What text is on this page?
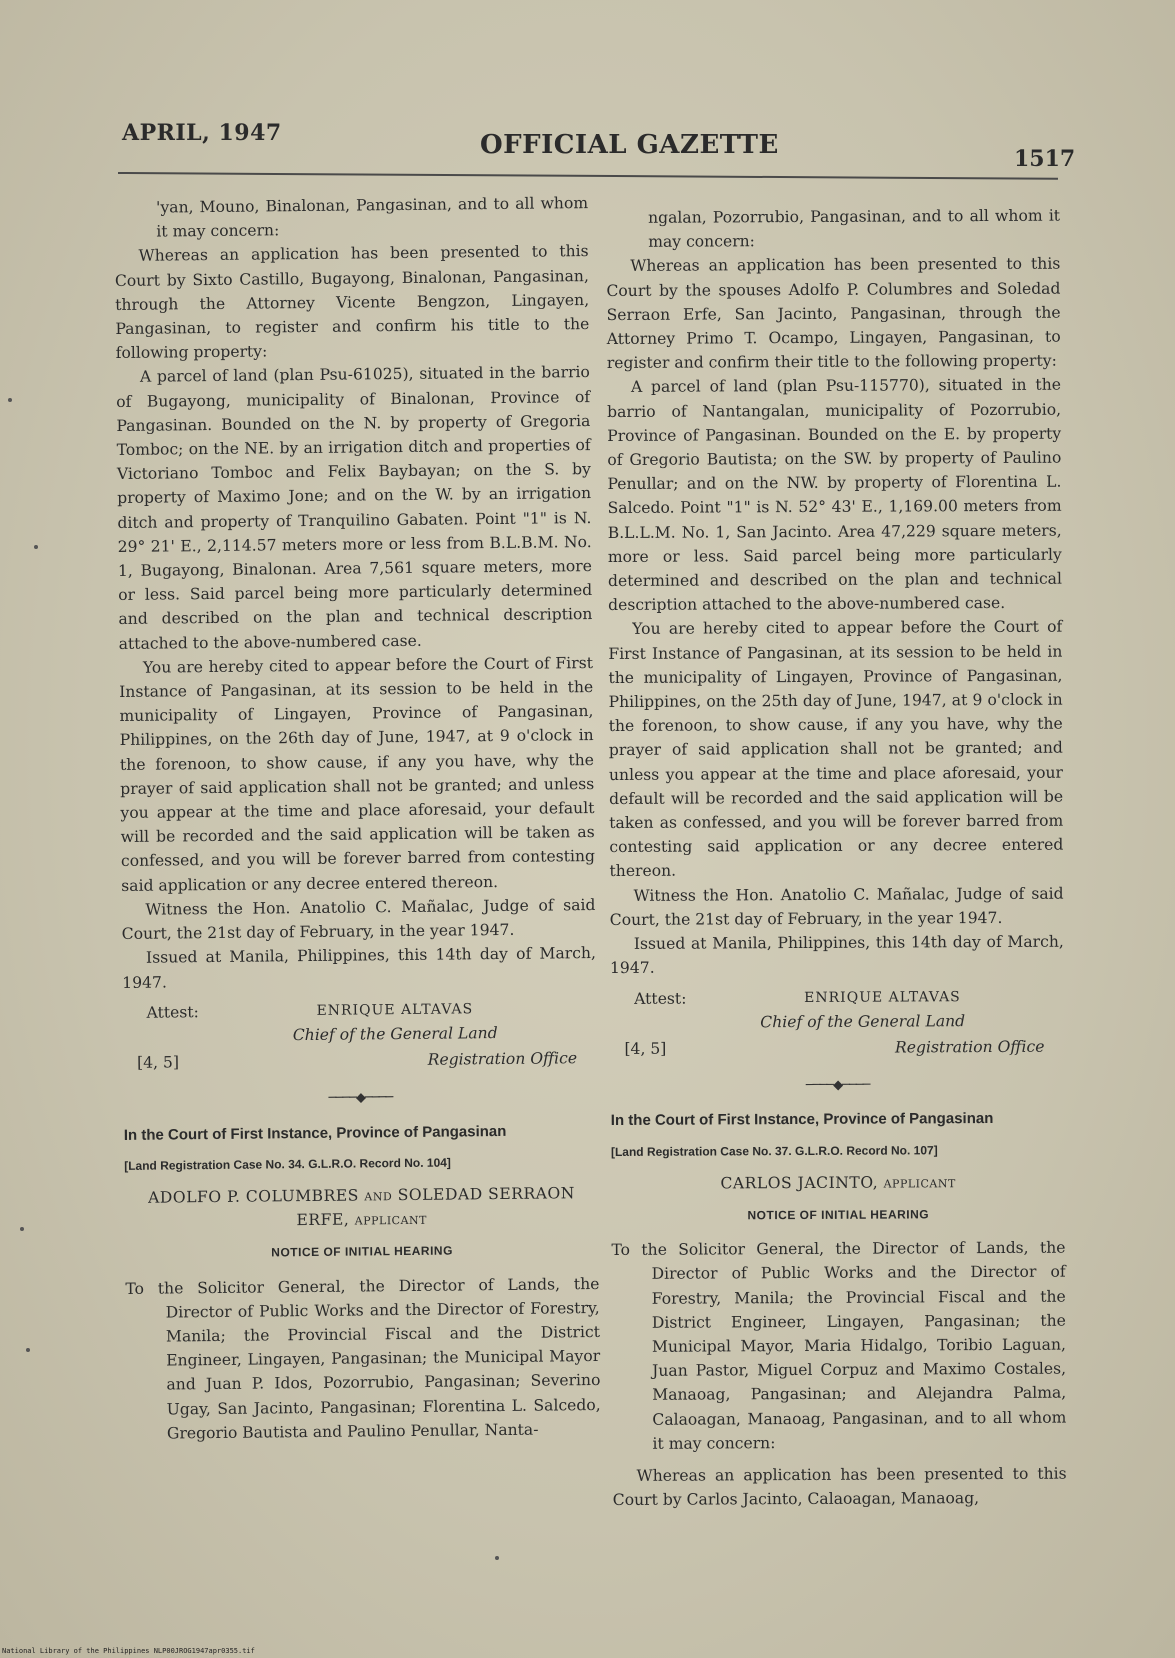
APRIL, 1947	OFFICIAL GAZETTE	1517

'yan, Mouno, Binalonan, Pangasinan, and to all whom it may concern:

Whereas an application has been presented to this Court by Sixto Castillo, Bugayong, Binalonan, Pangasinan, through the Attorney Vicente Bengzon, Lingayen, Pangasinan, to register and confirm his title to the following property:

A parcel of land (plan Psu-61025), situated in the barrio of Bugayong, municipality of Binalonan, Province of Pangasinan. Bounded on the N. by property of Gregoria Tomboc; on the NE. by an irrigation ditch and properties of Victoriano Tomboc and Felix Baybayan; on the S. by property of Maximo Jone; and on the W. by an irrigation ditch and property of Tranquilino Gabaten. Point "1" is N. 29° 21' E., 2,114.57 meters more or less from B.L.B.M. No. 1, Bugayong, Binalonan. Area 7,561 square meters, more or less. Said parcel being more particularly determined and described on the plan and technical description attached to the above-numbered case.

You are hereby cited to appear before the Court of First Instance of Pangasinan, at its session to be held in the municipality of Lingayen, Province of Pangasinan, Philippines, on the 26th day of June, 1947, at 9 o'clock in the forenoon, to show cause, if any you have, why the prayer of said application shall not be granted; and unless you appear at the time and place aforesaid, your default will be recorded and the said application will be taken as confessed, and you will be forever barred from contesting said application or any decree entered thereon.

Witness the Hon. Anatolio C. Mañalac, Judge of said Court, the 21st day of February, in the year 1947.

Issued at Manila, Philippines, this 14th day of March, 1947.

Attest:	ENRIQUE ALTAVAS
Chief of the General Land
[4, 5]	Registration Office
────◆────
In the Court of First Instance, Province of Pangasinan
[Land Registration Case No. 34. G.L.R.O. Record No. 104]
ADOLFO P. COLUMBRES and SOLEDAD SERRAON ERFE, applicant
NOTICE OF INITIAL HEARING

To the Solicitor General, the Director of Lands, the Director of Public Works and the Director of Forestry, Manila; the Provincial Fiscal and the District Engineer, Lingayen, Pangasinan; the Municipal Mayor and Juan P. Idos, Pozorrubio, Pangasinan; Severino Ugay, San Jacinto, Pangasinan; Florentina L. Salcedo, Gregorio Bautista and Paulino Penullar, Nanta-

ngalan, Pozorrubio, Pangasinan, and to all whom it may concern:

Whereas an application has been presented to this Court by the spouses Adolfo P. Columbres and Soledad Serraon Erfe, San Jacinto, Pangasinan, through the Attorney Primo T. Ocampo, Lingayen, Pangasinan, to register and confirm their title to the following property:

A parcel of land (plan Psu-115770), situated in the barrio of Nantangalan, municipality of Pozorrubio, Province of Pangasinan. Bounded on the E. by property of Gregorio Bautista; on the SW. by property of Paulino Penullar; and on the NW. by property of Florentina L. Salcedo. Point "1" is N. 52° 43' E., 1,169.00 meters from B.L.L.M. No. 1, San Jacinto. Area 47,229 square meters, more or less. Said parcel being more particularly determined and described on the plan and technical description attached to the above-numbered case.

You are hereby cited to appear before the Court of First Instance of Pangasinan, at its session to be held in the municipality of Lingayen, Province of Pangasinan, Philippines, on the 25th day of June, 1947, at 9 o'clock in the forenoon, to show cause, if any you have, why the prayer of said application shall not be granted; and unless you appear at the time and place aforesaid, your default will be recorded and the said application will be taken as confessed, and you will be forever barred from contesting said application or any decree entered thereon.

Witness the Hon. Anatolio C. Mañalac, Judge of said Court, the 21st day of February, in the year 1947.

Issued at Manila, Philippines, this 14th day of March, 1947.

Attest:	ENRIQUE ALTAVAS
Chief of the General Land
[4, 5]	Registration Office
────◆────
In the Court of First Instance, Province of Pangasinan
[Land Registration Case No. 37. G.L.R.O. Record No. 107]
CARLOS JACINTO, applicant
NOTICE OF INITIAL HEARING

To the Solicitor General, the Director of Lands, the Director of Public Works and the Director of Forestry, Manila; the Provincial Fiscal and the District Engineer, Lingayen, Pangasinan; the Municipal Mayor, Maria Hidalgo, Toribio Laguan, Juan Pastor, Miguel Corpuz and Maximo Costales, Manaoag, Pangasinan; and Alejandra Palma, Calaoagan, Manaoag, Pangasinan, and to all whom it may concern:

Whereas an application has been presented to this Court by Carlos Jacinto, Calaoagan, Manaoag,

National Library of the Philippines NLP00JROG1947apr0355.tif
